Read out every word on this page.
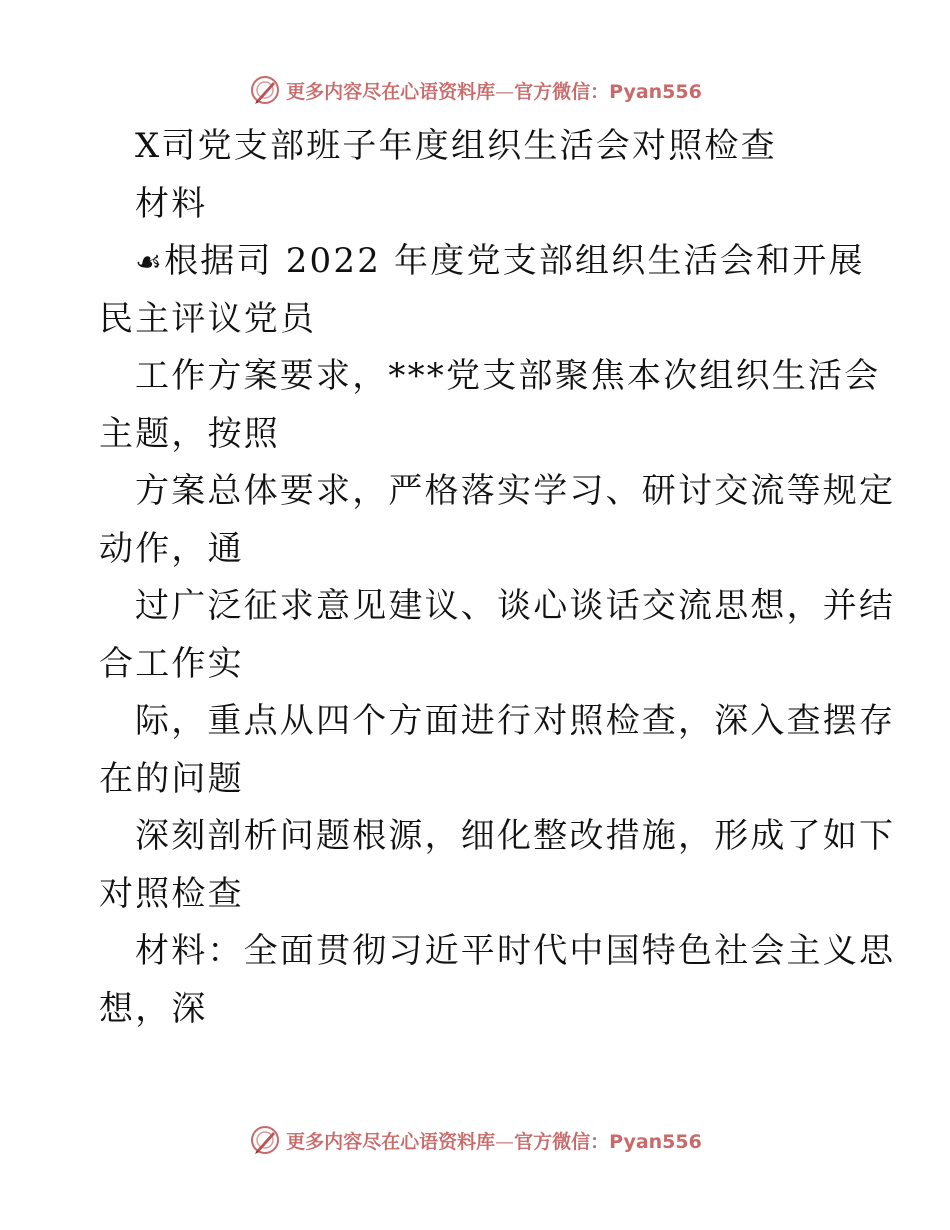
更多内容尽在心语资料库—官方微信：Pyan556
X司党支部班子年度组织生活会对照检查
材料
☙根据司 2022 年度党支部组织生活会和开展
民主评议党员
工作方案要求，***党支部聚焦本次组织生活会
主题，按照
方案总体要求，严格落实学习、研讨交流等规定
动作，通
过广泛征求意见建议、谈心谈话交流思想，并结
合工作实
际，重点从四个方面进行对照检查，深入查摆存
在的问题
深刻剖析问题根源，细化整改措施，形成了如下
对照检查
材料：全面贯彻习近平时代中国特色社会主义思
想，深
更多内容尽在心语资料库—官方微信：Pyan556
